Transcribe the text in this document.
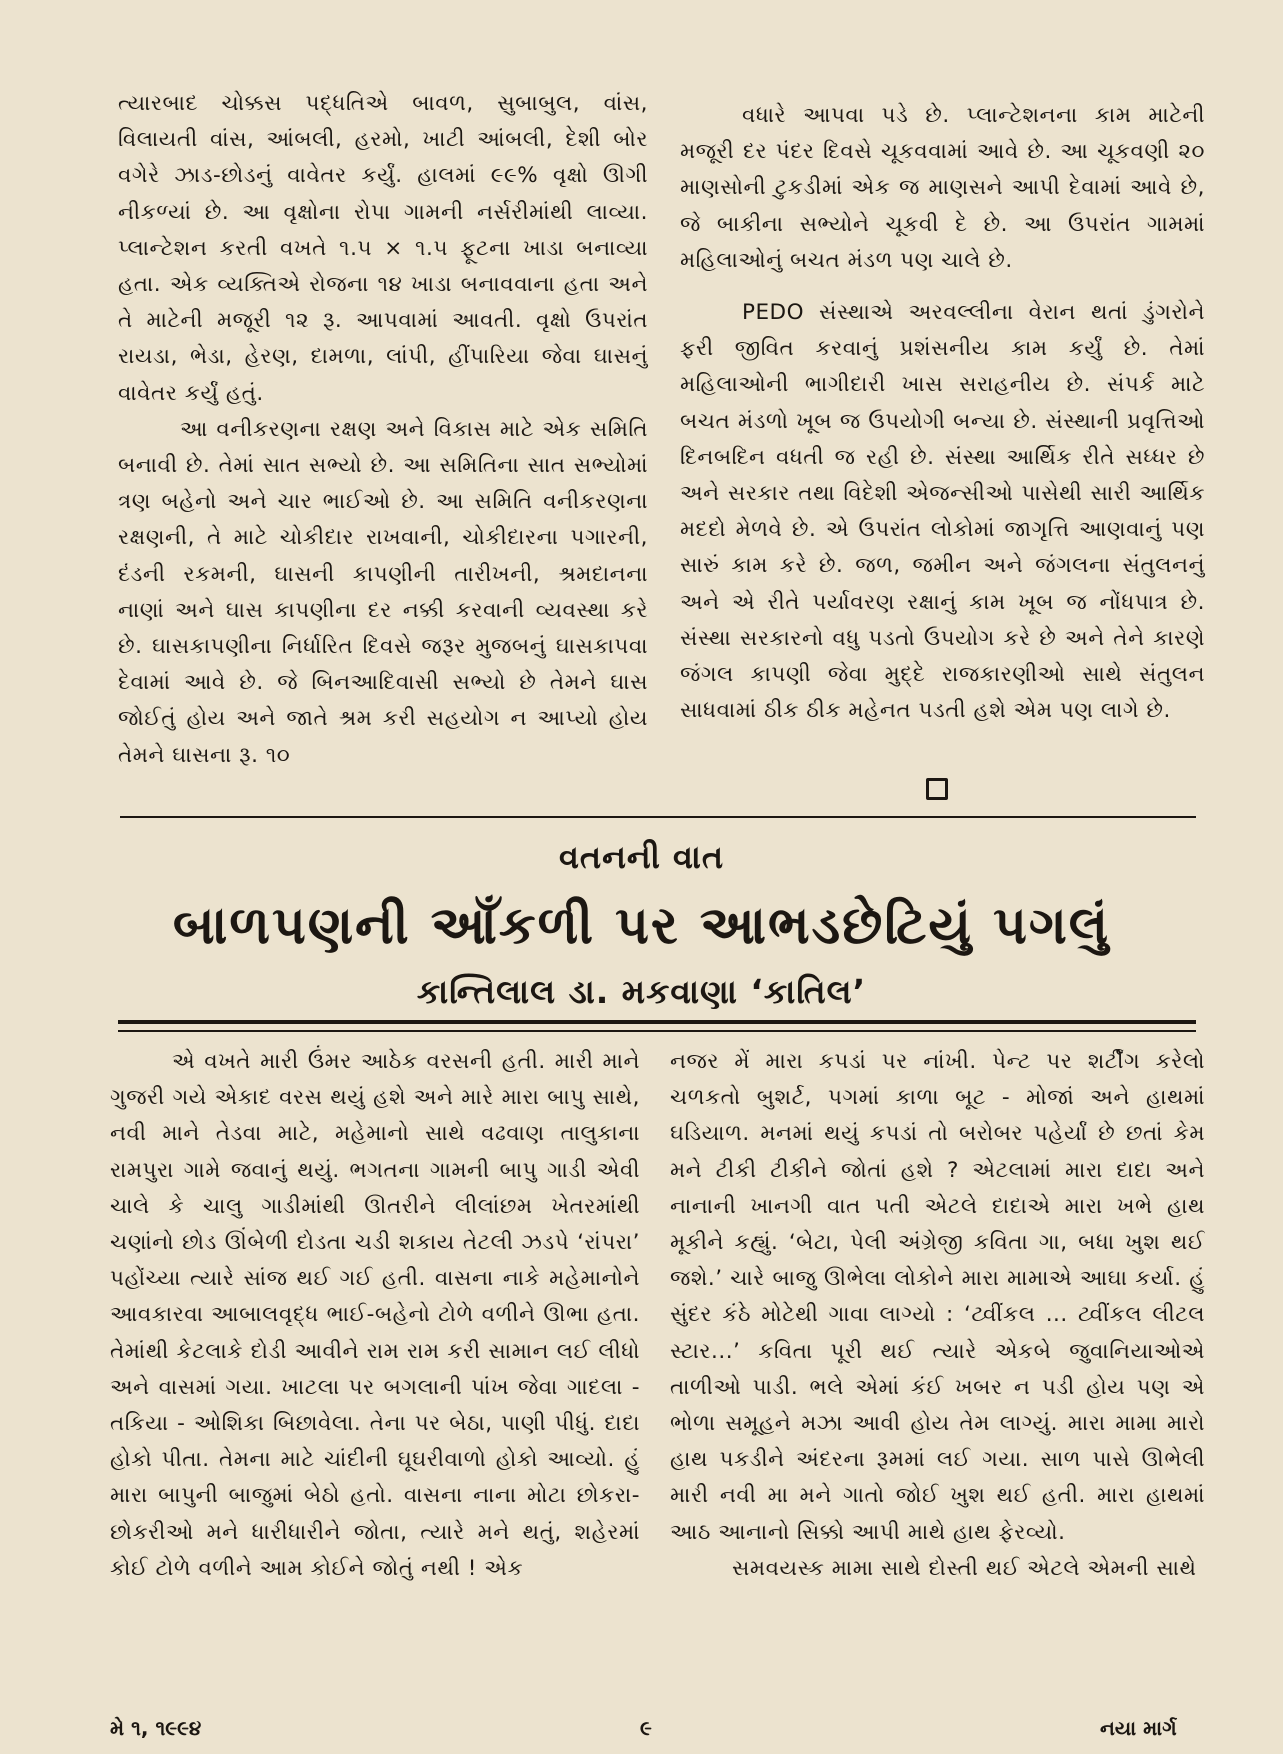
ત્યારબાદ ચોક્કસ પદ્ધતિએ બાવળ, સુબાબુલ, વાંસ, વિલાયતી વાંસ, આંબલી, હરમો, ખાટી આંબલી, દેશી બોર વગેરે ઝાડ-છોડનું વાવેતર કર્યું. હાલમાં ૯૯% વૃક્ષો ઊગી નીકળ્યાં છે. આ વૃક્ષોના રોપા ગામની નર્સરીમાંથી લાવ્યા. પ્લાન્ટેશન કરતી વખતે ૧.૫ × ૧.૫ ફૂટના ખાડા બનાવ્યા હતા. એક વ્યક્તિએ રોજના ૧૪ ખાડા બનાવવાના હતા અને તે માટેની મજૂરી ૧૨ રૂ. આપવામાં આવતી. વૃક્ષો ઉપરાંત રાયડા, ભેડા, હેરણ, દામળા, લાંપી, હીંપારિયા જેવા ઘાસનું વાવેતર કર્યું હતું.

આ વનીકરણના રક્ષણ અને વિકાસ માટે એક સમિતિ બનાવી છે. તેમાં સાત સભ્યો છે. આ સમિતિના સાત સભ્યોમાં ત્રણ બહેનો અને ચાર ભાઈઓ છે. આ સમિતિ વનીકરણના રક્ષણની, તે માટે ચોકીદાર રાખવાની, ચોકીદારના પગારની, દંડની રકમની, ઘાસની કાપણીની તારીખની, શ્રમદાનના નાણાં અને ઘાસ કાપણીના દર નક્કી કરવાની વ્યવસ્થા કરે છે. ઘાસકાપણીના નિર્ધારિત દિવસે જરૂર મુજબનું ઘાસકાપવા દેવામાં આવે છે. જે બિનઆદિવાસી સભ્યો છે તેમને ઘાસ જોઈતું હોય અને જાતે શ્રમ કરી સહયોગ ન આપ્યો હોય તેમને ઘાસના રૂ. ૧૦

વધારે આપવા પડે છે. પ્લાન્ટેશનના કામ માટેની મજૂરી દર પંદર દિવસે ચૂકવવામાં આવે છે. આ ચૂકવણી ૨૦ માણસોની ટુકડીમાં એક જ માણસને આપી દેવામાં આવે છે, જે બાકીના સભ્યોને ચૂકવી દે છે. આ ઉપરાંત ગામમાં મહિલાઓનું બચત મંડળ પણ ચાલે છે.

PEDO સંસ્થાએ અરવલ્લીના વેરાન થતાં ડુંગરોને ફરી જીવિત કરવાનું પ્રશંસનીય કામ કર્યું છે. તેમાં મહિલાઓની ભાગીદારી ખાસ સરાહનીય છે. સંપર્ક માટે બચત મંડળો ખૂબ જ ઉપયોગી બન્યા છે. સંસ્થાની પ્રવૃત્તિઓ દિનબદિન વધતી જ રહી છે. સંસ્થા આર્થિક રીતે સધ્ધર છે અને સરકાર તથા વિદેશી એજન્સીઓ પાસેથી સારી આર્થિક મદદો મેળવે છે. એ ઉપરાંત લોકોમાં જાગૃત્તિ આણવાનું પણ સારું કામ કરે છે. જળ, જમીન અને જંગલના સંતુલનનું અને એ રીતે પર્યાવરણ રક્ષાનું કામ ખૂબ જ નોંધપાત્ર છે. સંસ્થા સરકારનો વધુ પડતો ઉપયોગ કરે છે અને તેને કારણે જંગલ કાપણી જેવા મુદ્દે રાજકારણીઓ સાથે સંતુલન સાધવામાં ઠીક ઠીક મહેનત પડતી હશે એમ પણ લાગે છે.

વતનની વાત
બાળપણની આઁકળી પર આભડછેટિયું પગલું
કાન્તિલાલ ડા. મકવાણા ‘કાતિલ’

એ વખતે મારી ઉંમર આઠેક વરસની હતી. મારી માને ગુજરી ગયે એકાદ વરસ થયું હશે અને મારે મારા બાપુ સાથે, નવી માને તેડવા માટે, મહેમાનો સાથે વઢવાણ તાલુકાના રામપુરા ગામે જવાનું થયું. ભગતના ગામની બાપુ ગાડી એવી ચાલે કે ચાલુ ગાડીમાંથી ઊતરીને લીલાંછમ ખેતરમાંથી ચણાંનો છોડ ઊંબેળી દોડતા ચડી શકાય તેટલી ઝડપે ‘રાંપરા’ પહોંચ્યા ત્યારે સાંજ થઈ ગઈ હતી. વાસના નાકે મહેમાનોને આવકારવા આબાલવૃદ્ધ ભાઈ-બહેનો ટોળે વળીને ઊભા હતા. તેમાંથી કેટલાકે દોડી આવીને રામ રામ કરી સામાન લઈ લીધો અને વાસમાં ગયા. ખાટલા પર બગલાની પાંખ જેવા ગાદલા - તકિયા - ઓશિકા બિછાવેલા. તેના પર બેઠા, પાણી પીધું. દાદા હોકો પીતા. તેમના માટે ચાંદીની ઘૂઘરીવાળો હોકો આવ્યો. હું મારા બાપુની બાજુમાં બેઠો હતો. વાસના નાના મોટા છોકરા-છોકરીઓ મને ધારીધારીને જોતા, ત્યારે મને થતું, શહેરમાં કોઈ ટોળે વળીને આમ કોઈને જોતું નથી ! એક

નજર મેં મારા કપડાં પર નાંખી. પેન્ટ પર શર્ટીંગ કરેલો ચળકતો બુશર્ટ, પગમાં કાળા બૂટ - મોજાં અને હાથમાં ઘડિયાળ. મનમાં થયું કપડાં તો બરોબર પહેર્યાં છે છતાં કેમ મને ટીકી ટીકીને જોતાં હશે ? એટલામાં મારા દાદા અને નાનાની ખાનગી વાત પતી એટલે દાદાએ મારા ખભે હાથ મૂકીને કહ્યું. ‘બેટા, પેલી અંગ્રેજી કવિતા ગા, બધા ખુશ થઈ જશે.’ ચારે બાજુ ઊભેલા લોકોને મારા મામાએ આઘા કર્યા. હું સુંદર કંઠે મોટેથી ગાવા લાગ્યો : ‘ટ્વીંકલ ... ટ્વીંકલ લીટલ સ્ટાર...’ કવિતા પૂરી થઈ ત્યારે એકબે જુવાનિયાઓએ તાળીઓ પાડી. ભલે એમાં કંઈ ખબર ન પડી હોય પણ એ ભોળા સમૂહને મઝા આવી હોય તેમ લાગ્યું. મારા મામા મારો હાથ પકડીને અંદરના રૂમમાં લઈ ગયા. સાળ પાસે ઊભેલી મારી નવી મા મને ગાતો જોઈ ખુશ થઈ હતી. મારા હાથમાં આઠ આનાનો સિક્કો આપી માથે હાથ ફેરવ્યો.

સમવયસ્ક મામા સાથે દોસ્તી થઈ એટલે એમની સાથે

મે ૧, ૧૯૯૪	૯	નયા માર્ગ
